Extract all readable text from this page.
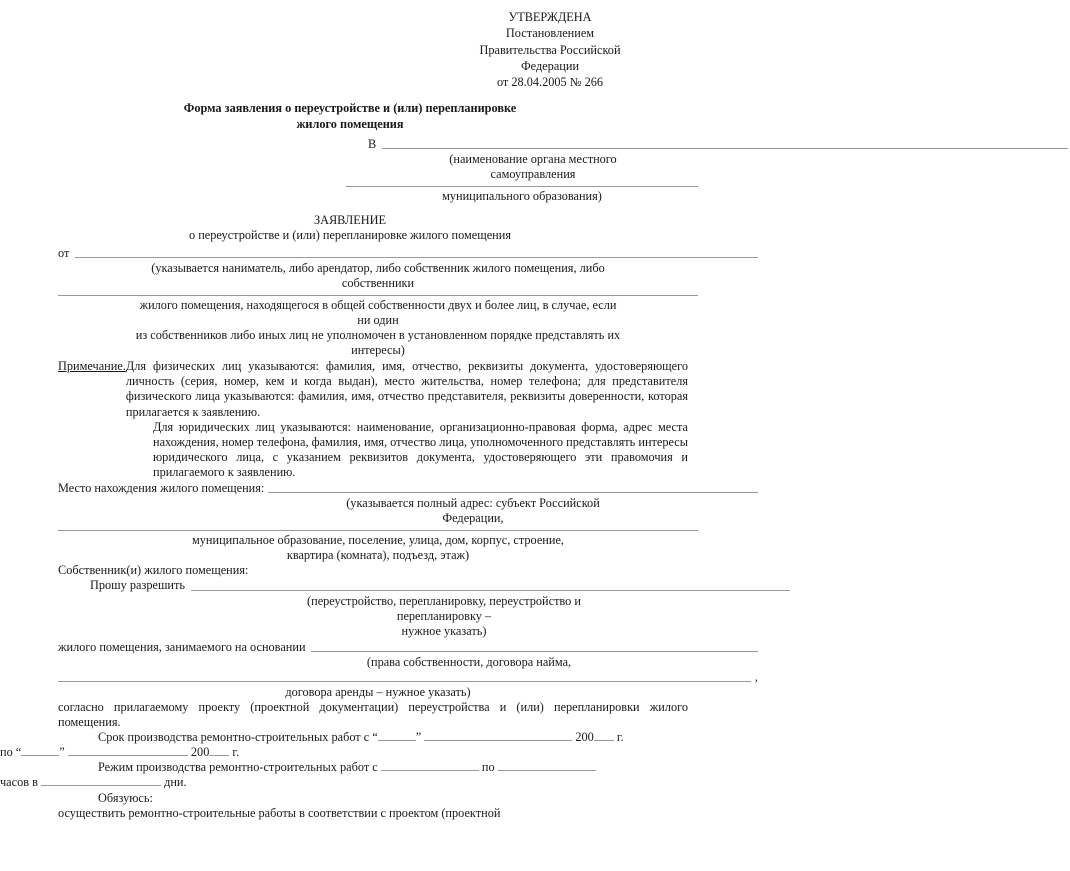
УТВЕРЖДЕНА
Постановлением
Правительства Российской
Федерации
от 28.04.2005 № 266
Форма заявления о переустройстве и (или) перепланировке
жилого помещения
В
(наименование органа местного
самоуправления
муниципального образования)
ЗАЯВЛЕНИЕ
о переустройстве и (или) перепланировке жилого помещения
от
(указывается наниматель, либо арендатор, либо собственник жилого помещения, либо
собственники
жилого помещения, находящегося в общей собственности двух и более лиц, в случае, если
ни один
из собственников либо иных лиц не уполномочен в установленном порядке представлять их
интересы)
Примечание. Для физических лиц указываются: фамилия, имя, отчество, реквизиты документа, удостоверяющего личность (серия, номер, кем и когда выдан), место жительства, номер телефона; для представителя физического лица указываются: фамилия, имя, отчество представителя, реквизиты доверенности, которая прилагается к заявлению.
Для юридических лиц указываются: наименование, организационно-правовая форма, адрес места нахождения, номер телефона, фамилия, имя, отчество лица, уполномоченного представлять интересы юридического лица, с указанием реквизитов документа, удостоверяющего эти правомочия и прилагаемого к заявлению.
Место нахождения жилого помещения:
(указывается полный адрес: субъект Российской
Федерации,
муниципальное образование, поселение, улица, дом, корпус, строение,
квартира (комната), подъезд, этаж)
Собственник(и) жилого помещения:
Прошу разрешить
(переустройство, перепланировку, переустройство и
перепланировку –
нужное указать)
жилого помещения, занимаемого на основании
(права собственности, договора найма,
,
договора аренды – нужное указать)
согласно прилагаемому проекту (проектной документации) переустройства и (или) перепланировки жилого помещения.
Срок производства ремонтно-строительных работ с “	”	200 г.
по “	”	200 г.
Режим производства ремонтно-строительных работ с	по
часов в	дни.
Обязуюсь:
осуществить ремонтно-строительные работы в соответствии с проектом (проектной
